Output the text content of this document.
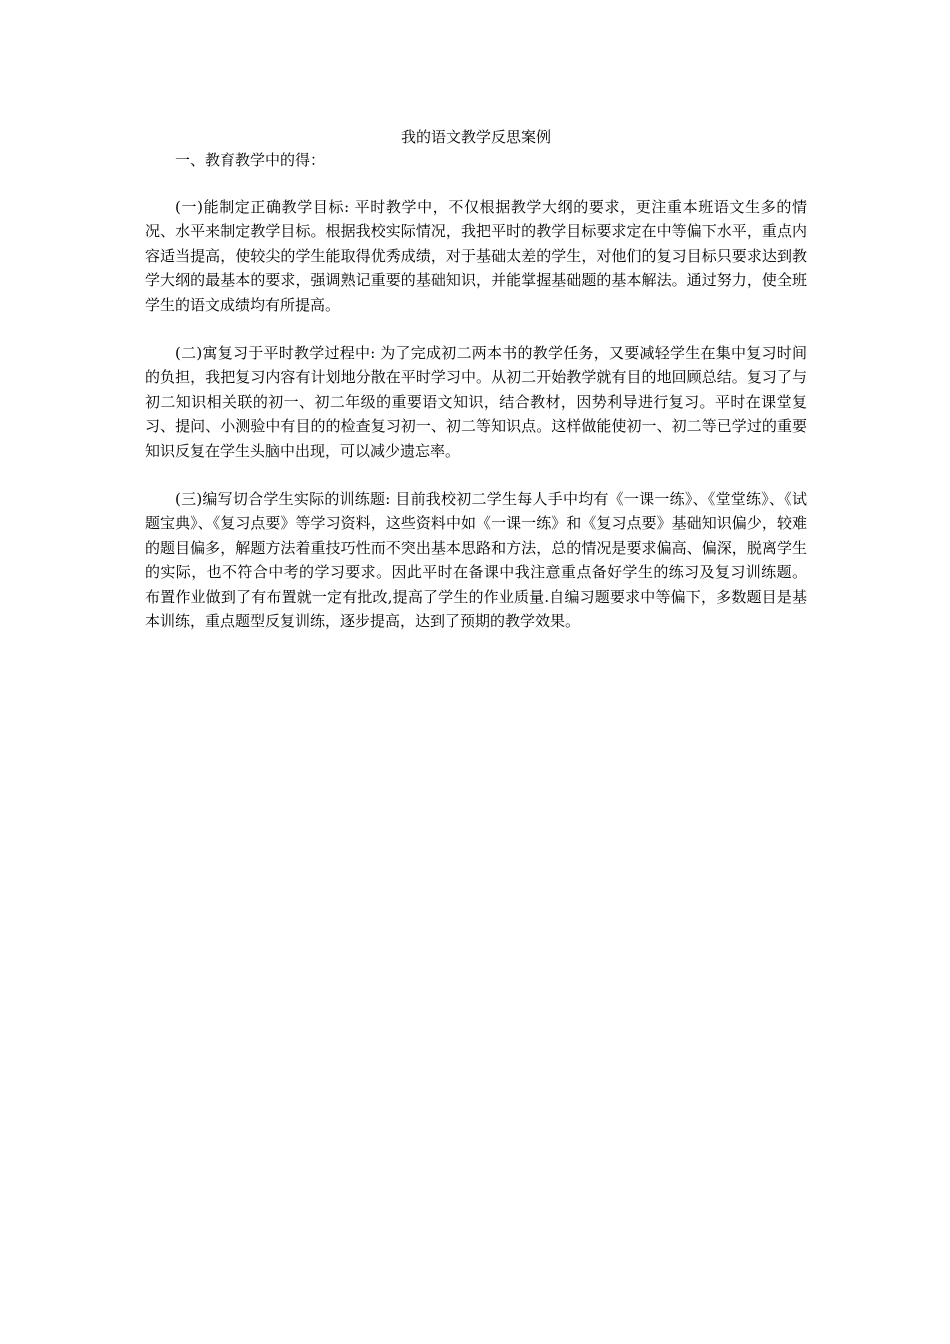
我的语文教学反思案例

一、教育教学中的得：

(一)能制定正确教学目标: 平时教学中，不仅根据教学大纲的要求，更注重本班语文生多的情况、水平来制定教学目标。根据我校实际情况，我把平时的教学目标要求定在中等偏下水平，重点内容适当提高，使较尖的学生能取得优秀成绩，对于基础太差的学生，对他们的复习目标只要求达到教学大纲的最基本的要求，强调熟记重要的基础知识，并能掌握基础题的基本解法。通过努力，使全班学生的语文成绩均有所提高。

(二)寓复习于平时教学过程中: 为了完成初二两本书的教学任务，又要减轻学生在集中复习时间的负担，我把复习内容有计划地分散在平时学习中。从初二开始教学就有目的地回顾总结。复习了与初二知识相关联的初一、初二年级的重要语文知识，结合教材，因势利导进行复习。平时在课堂复习、提问、小测验中有目的的检查复习初一、初二等知识点。这样做能使初一、初二等已学过的重要知识反复在学生头脑中出现，可以减少遗忘率。

(三)编写切合学生实际的训练题: 目前我校初二学生每人手中均有《一课一练》、《堂堂练》、《试题宝典》、《复习点要》等学习资料，这些资料中如《一课一练》和《复习点要》基础知识偏少，较难的题目偏多，解题方法着重技巧性而不突出基本思路和方法，总的情况是要求偏高、偏深，脱离学生的实际，也不符合中考的学习要求。因此平时在备课中我注意重点备好学生的练习及复习训练题。 布置作业做到了有布置就一定有批改,提高了学生的作业质量.自编习题要求中等偏下，多数题目是基本训练，重点题型反复训练，逐步提高，达到了预期的教学效果。
